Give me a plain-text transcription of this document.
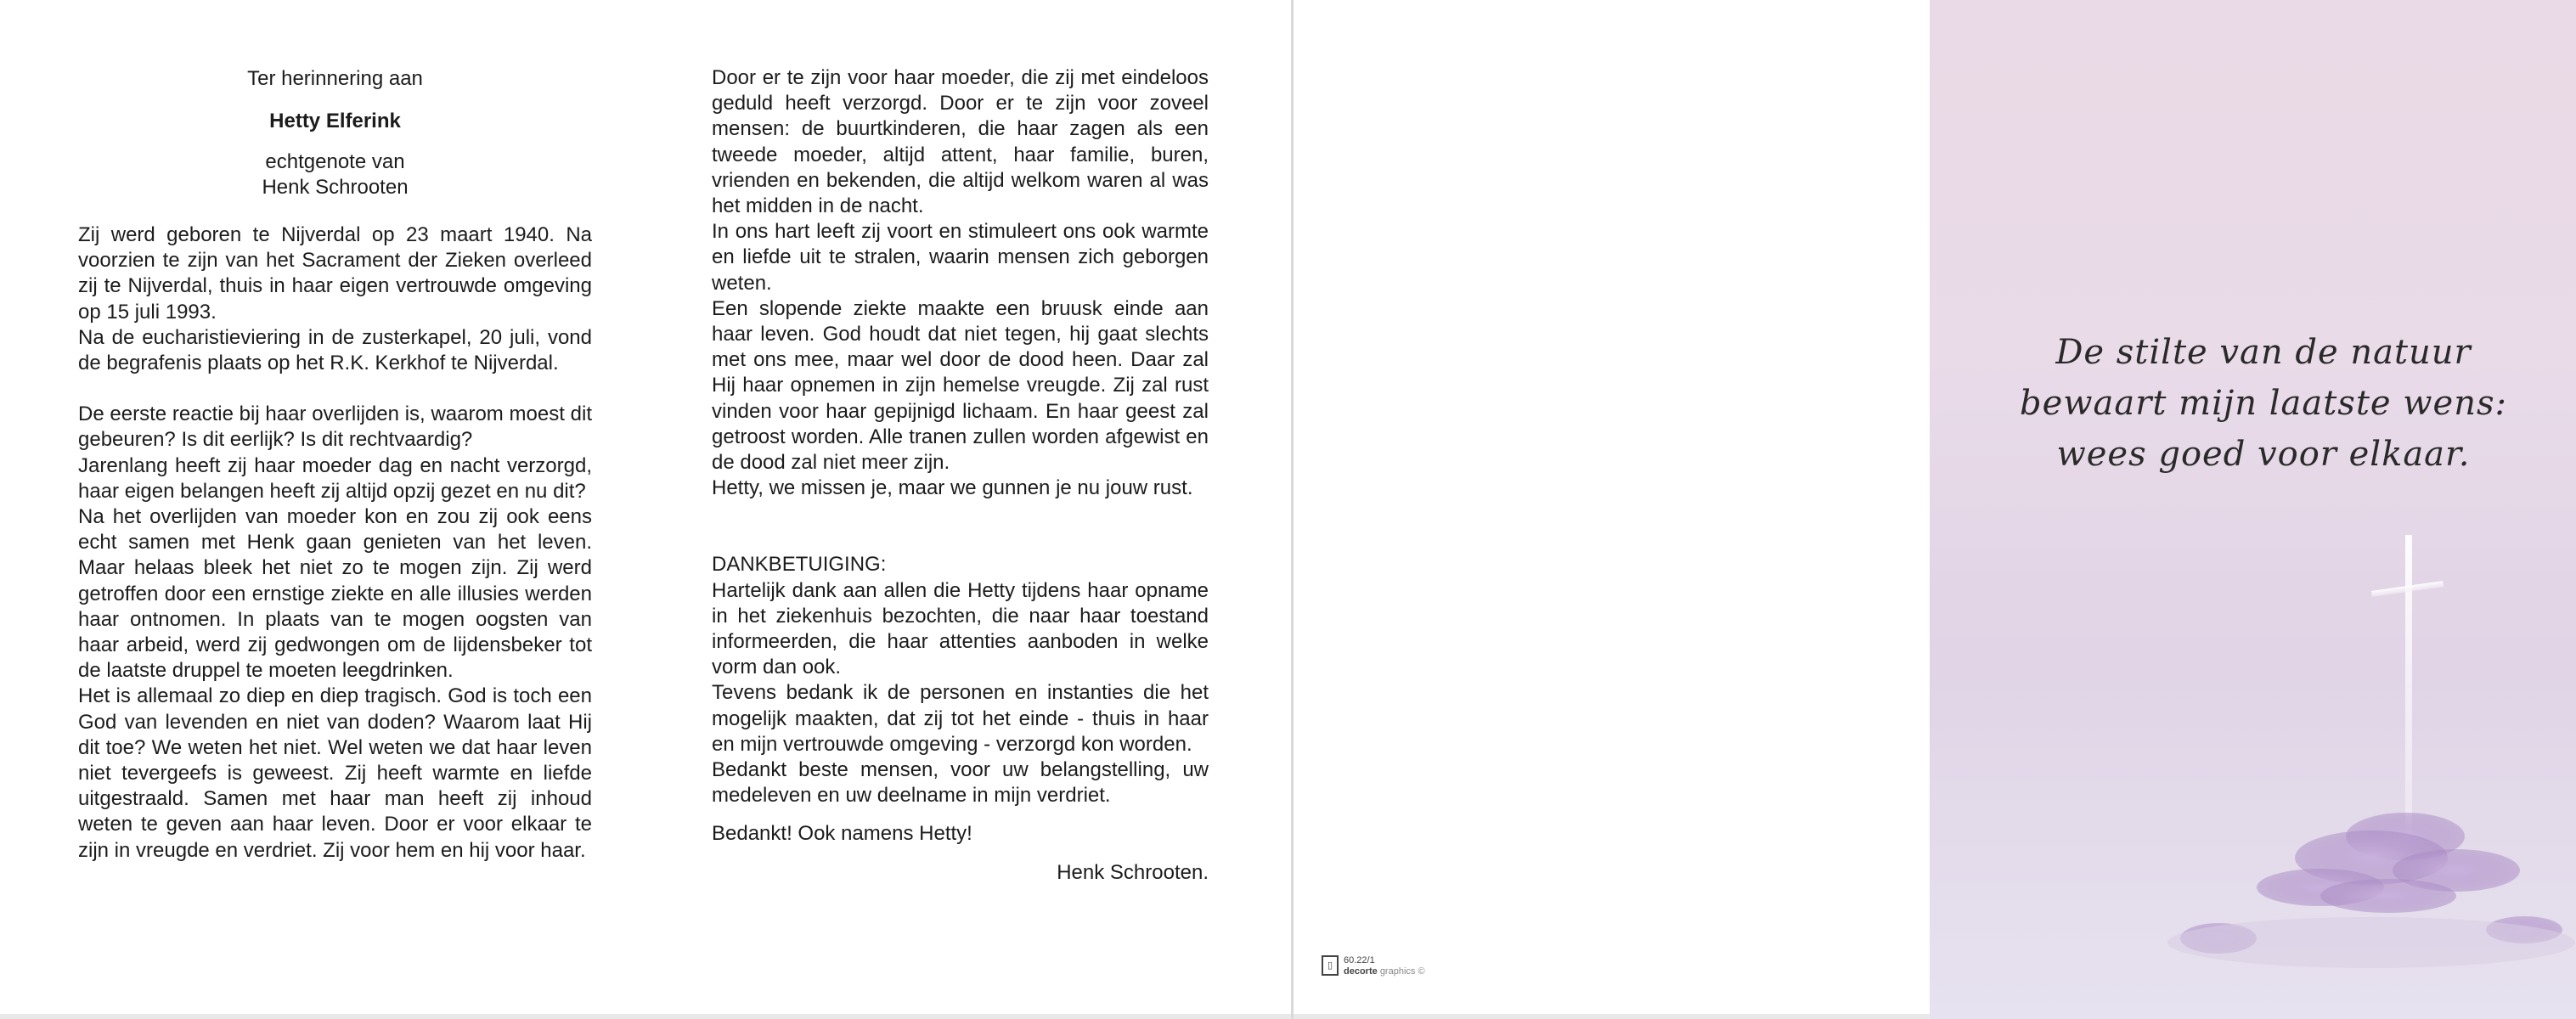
Ter herinnering aan
Hetty Elferink
echtgenote van
Henk Schrooten

Zij werd geboren te Nijverdal op 23 maart 1940. Na voorzien te zijn van het Sacrament der Zieken overleed zij te Nijverdal, thuis in haar eigen vertrouwde omgeving op 15 juli 1993.

Na de eucharistieviering in de zusterkapel, 20 juli, vond de begrafenis plaats op het R.K. Kerkhof te Nijverdal.

De eerste reactie bij haar overlijden is, waarom moest dit gebeuren? Is dit eerlijk? Is dit rechtvaardig?

Jarenlang heeft zij haar moeder dag en nacht verzorgd, haar eigen belangen heeft zij altijd opzij gezet en nu dit?

Na het overlijden van moeder kon en zou zij ook eens echt samen met Henk gaan genieten van het leven. Maar helaas bleek het niet zo te mogen zijn. Zij werd getroffen door een ernstige ziekte en alle illusies werden haar ontnomen. In plaats van te mogen oogsten van haar arbeid, werd zij gedwongen om de lijdensbeker tot de laatste druppel te moeten leegdrinken.

Het is allemaal zo diep en diep tragisch. God is toch een God van levenden en niet van doden? Waarom laat Hij dit toe? We weten het niet. Wel weten we dat haar leven niet tevergeefs is geweest. Zij heeft warmte en liefde uitgestraald. Samen met haar man heeft zij inhoud weten te geven aan haar leven. Door er voor elkaar te zijn in vreugde en verdriet. Zij voor hem en hij voor haar.

Door er te zijn voor haar moeder, die zij met eindeloos geduld heeft verzorgd. Door er te zijn voor zoveel mensen: de buurtkinderen, die haar zagen als een tweede moeder, altijd attent, haar familie, buren, vrienden en bekenden, die altijd welkom waren al was het midden in de nacht.

In ons hart leeft zij voort en stimuleert ons ook warmte en liefde uit te stralen, waarin mensen zich geborgen weten.

Een slopende ziekte maakte een bruusk einde aan haar leven. God houdt dat niet tegen, hij gaat slechts met ons mee, maar wel door de dood heen. Daar zal Hij haar opnemen in zijn hemelse vreugde. Zij zal rust vinden voor haar gepijnigd lichaam. En haar geest zal getroost worden. Alle tranen zullen worden afgewist en de dood zal niet meer zijn.

Hetty, we missen je, maar we gunnen je nu jouw rust.

DANKBETUIGING:

Hartelijk dank aan allen die Hetty tijdens haar opname in het ziekenhuis bezochten, die naar haar toestand informeerden, die haar attenties aanboden in welke vorm dan ook.

Tevens bedank ik de personen en instanties die het mogelijk maakten, dat zij tot het einde - thuis in haar en mijn vertrouwde omgeving - verzorgd kon worden.

Bedankt beste mensen, voor uw belangstelling, uw medeleven en uw deelname in mijn verdriet.

Bedankt! Ook namens Hetty!

Henk Schrooten.

▯	60.22/1
decorte graphics ©

De stilte van de natuur

bewaart mijn laatste wens:

wees goed voor elkaar.
